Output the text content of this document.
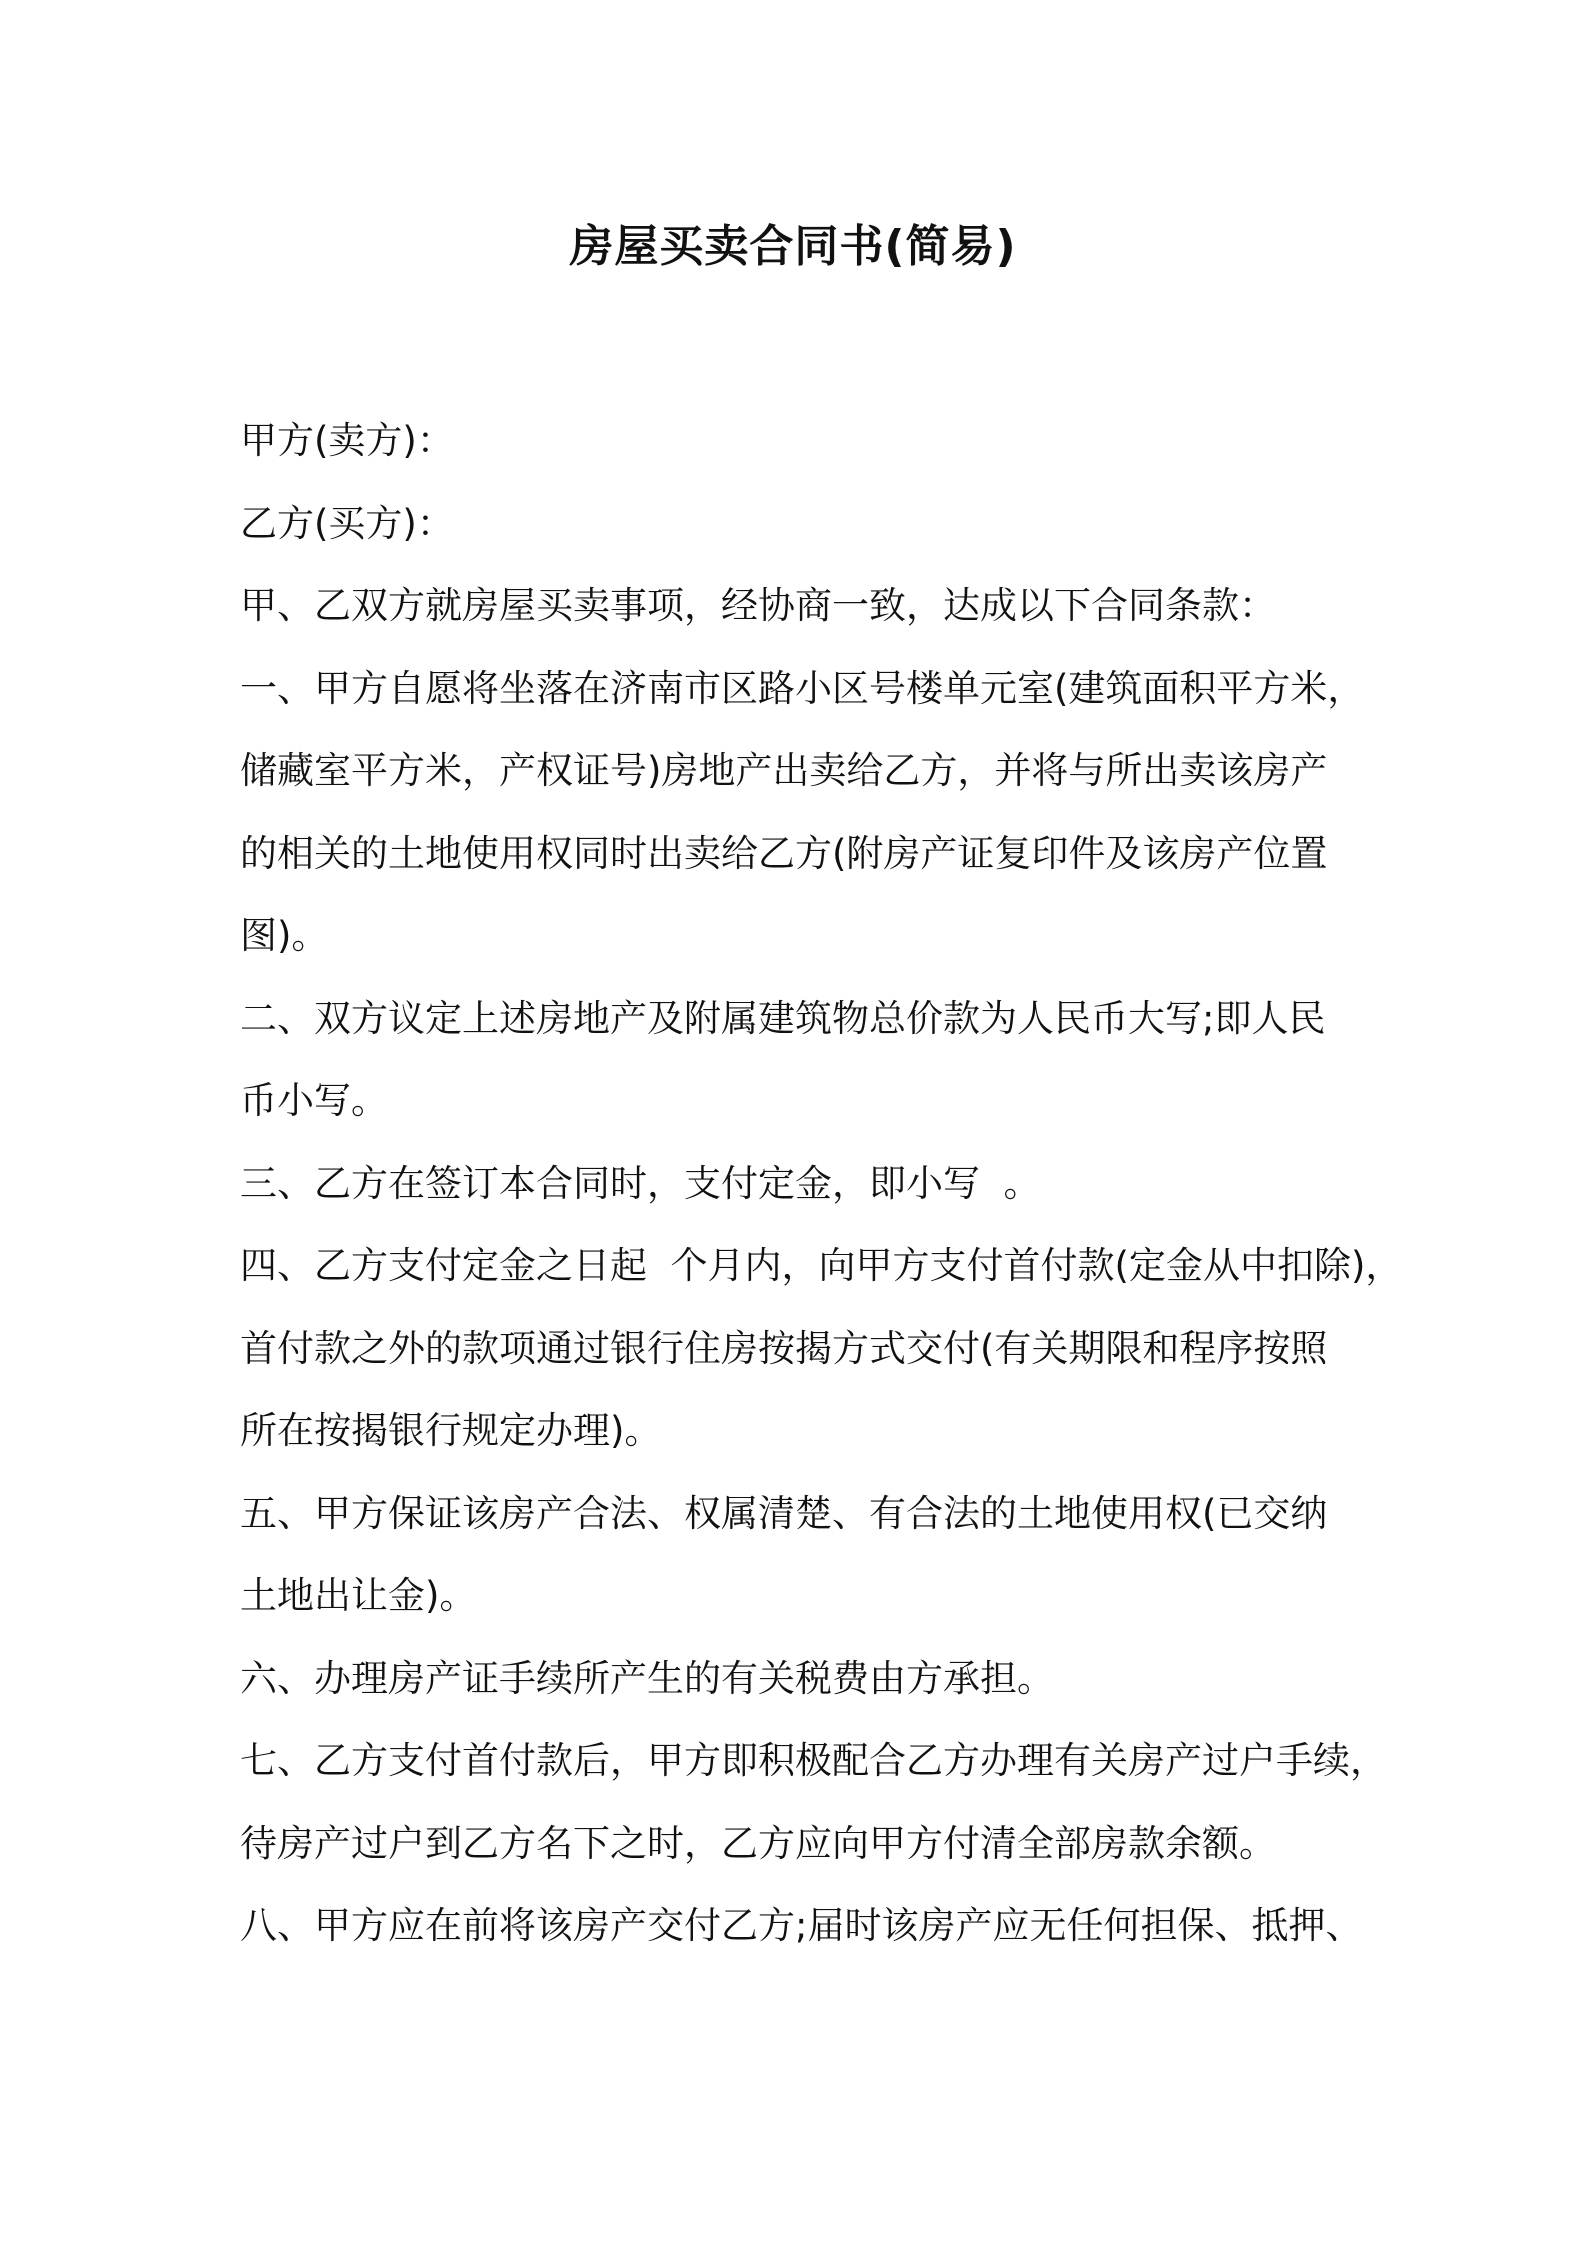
房屋买卖合同书(简易)
甲方(卖方)：
乙方(买方)：
甲、乙双方就房屋买卖事项，经协商一致，达成以下合同条款：
一、甲方自愿将坐落在济南市区路小区号楼单元室(建筑面积平方米，
储藏室平方米，产权证号)房地产出卖给乙方，并将与所出卖该房产
的相关的土地使用权同时出卖给乙方(附房产证复印件及该房产位置
图)。
二、双方议定上述房地产及附属建筑物总价款为人民币大写;即人民
币小写。
三、乙方在签订本合同时，支付定金，即小写  。
四、乙方支付定金之日起  个月内，向甲方支付首付款(定金从中扣除)，
首付款之外的款项通过银行住房按揭方式交付(有关期限和程序按照
所在按揭银行规定办理)。
五、甲方保证该房产合法、权属清楚、有合法的土地使用权(已交纳
土地出让金)。
六、办理房产证手续所产生的有关税费由方承担。
七、乙方支付首付款后，甲方即积极配合乙方办理有关房产过户手续，
待房产过户到乙方名下之时，乙方应向甲方付清全部房款余额。
八、甲方应在前将该房产交付乙方;届时该房产应无任何担保、抵押、
